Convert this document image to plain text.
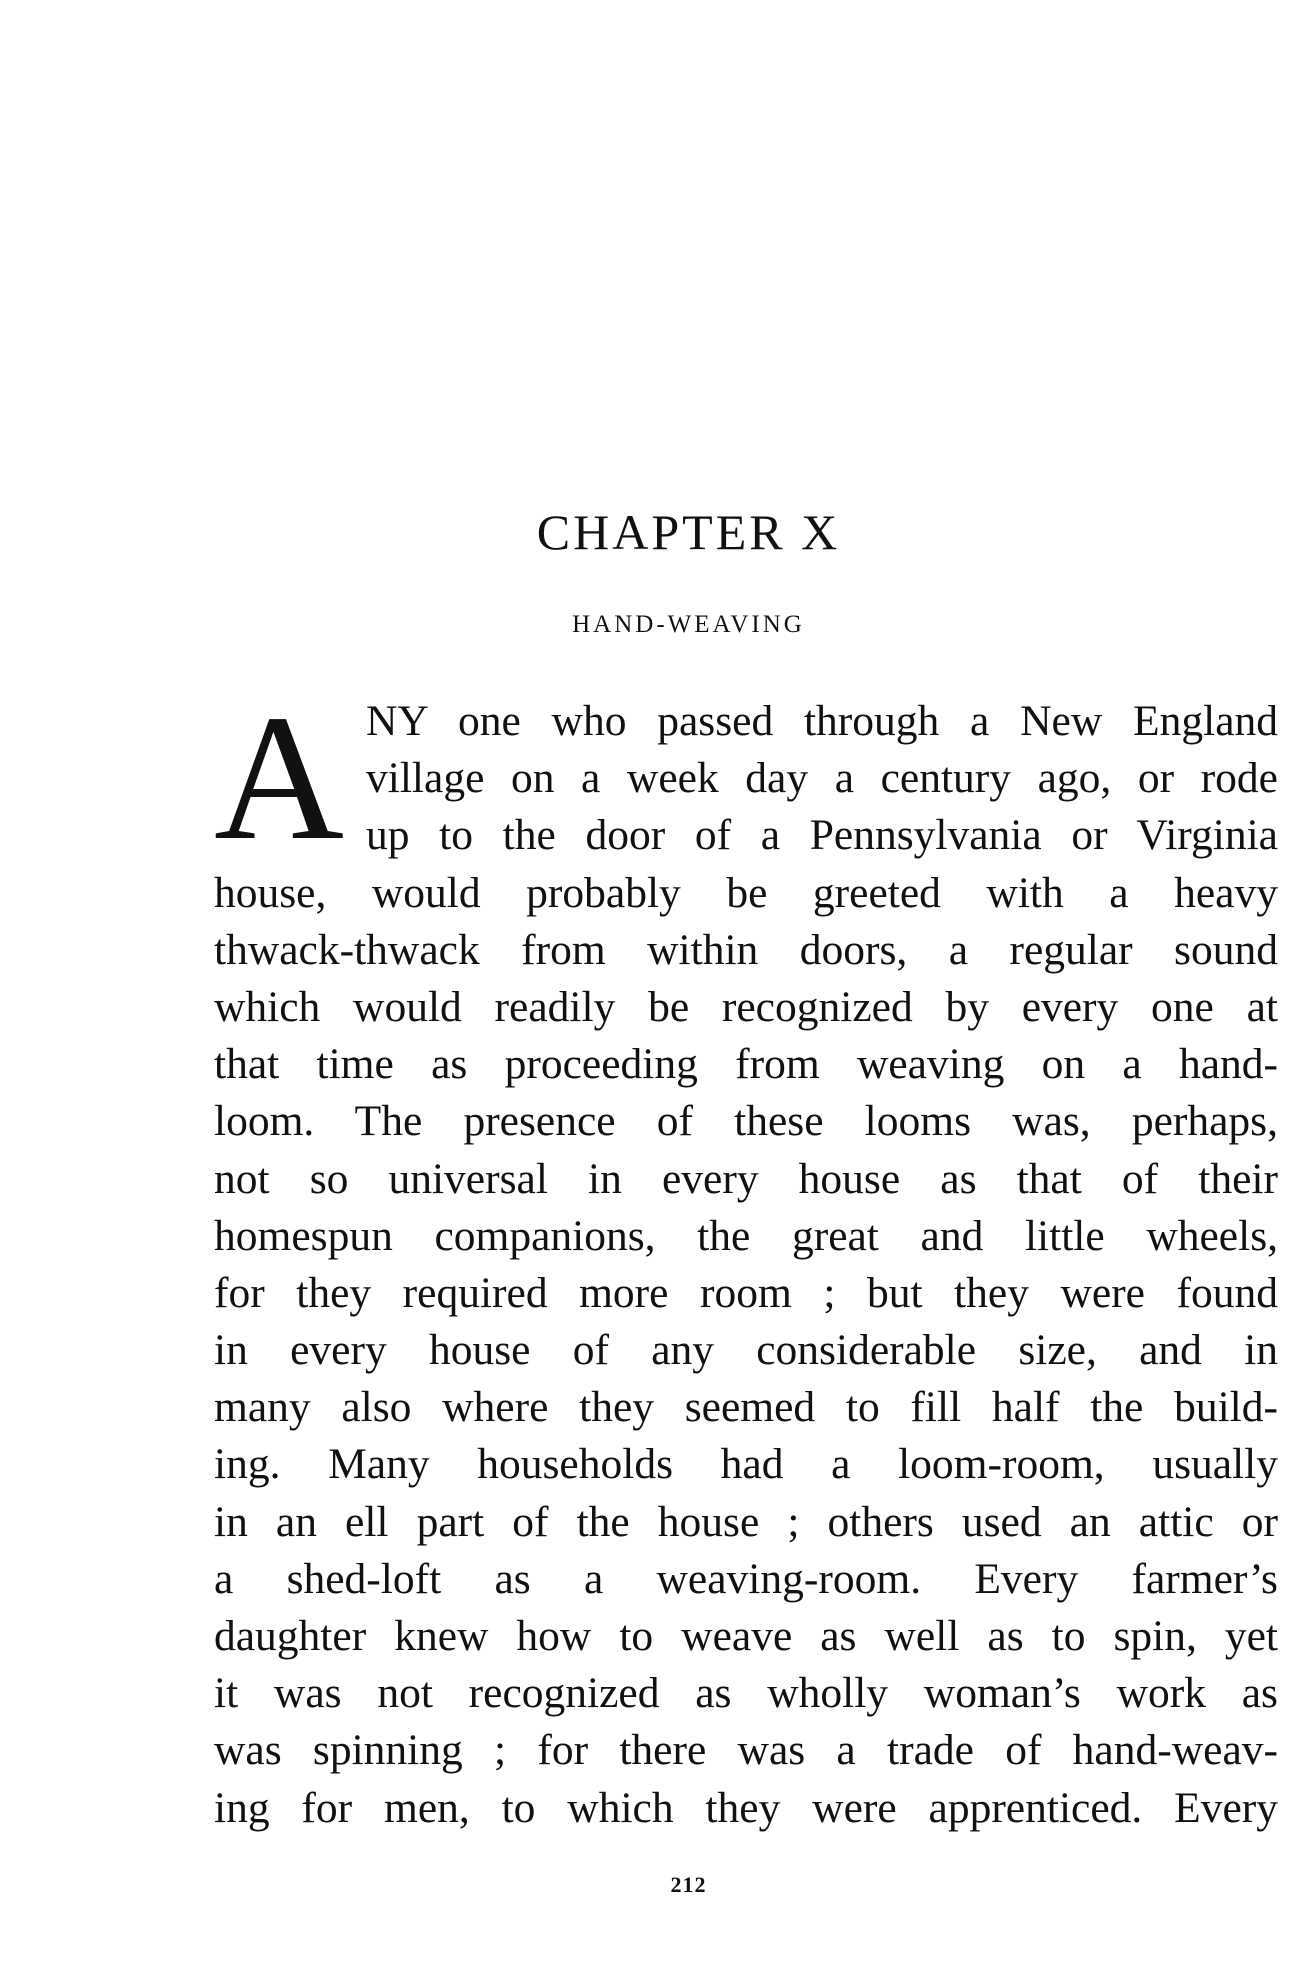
CHAPTER X
HAND-WEAVING
A NY one who passed through a New England
village on a week day a century ago, or rode
up to the door of a Pennsylvania or Virginia
house, would probably be greeted with a heavy
thwack-thwack from within doors, a regular sound
which would readily be recognized by every one at
that time as proceeding from weaving on a hand-
loom. The presence of these looms was, perhaps,
not so universal in every house as that of their
homespun companions, the great and little wheels,
for they required more room ; but they were found
in every house of any considerable size, and in
many also where they seemed to fill half the build-
ing. Many households had a loom-room, usually
in an ell part of the house ; others used an attic or
a shed-loft as a weaving-room. Every farmer’s
daughter knew how to weave as well as to spin, yet
it was not recognized as wholly woman’s work as
was spinning ; for there was a trade of hand-weav-
ing for men, to which they were apprenticed. Every
212
